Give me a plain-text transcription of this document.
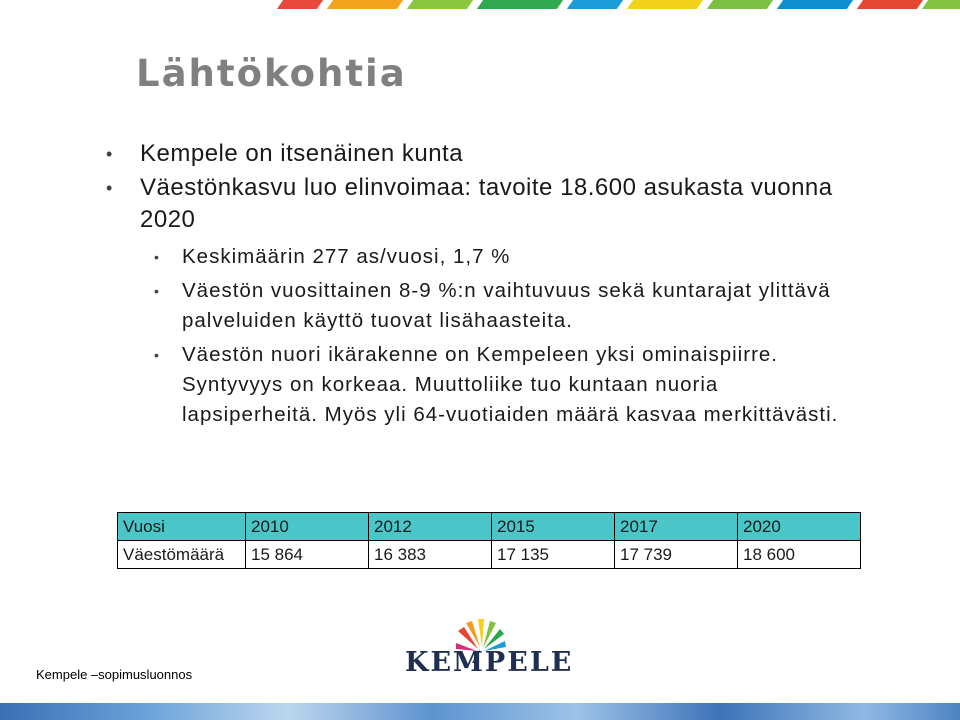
Lähtökohtia
• Kempele on itsenäinen kunta
• Väestönkasvu luo elinvoimaa: tavoite 18.600 asukasta vuonna 2020
• Keskimäärin 277 as/vuosi, 1,7 %
• Väestön vuosittainen 8-9 %:n vaihtuvuus sekä kuntarajat ylittävä palveluiden käyttö tuovat lisähaasteita.
• Väestön nuori ikärakenne on Kempeleen yksi ominaispiirre. Syntyvyys on korkeaa. Muuttoliike tuo kuntaan nuoria lapsiperheitä. Myös yli 64-vuotiaiden määrä kasvaa merkittävästi.
Vuosi	2010	2012	2015	2017	2020
Väestömäärä	15 864	16 383	17 135	17 739	18 600
Kempele –sopimusluonnos	KEMPELE
